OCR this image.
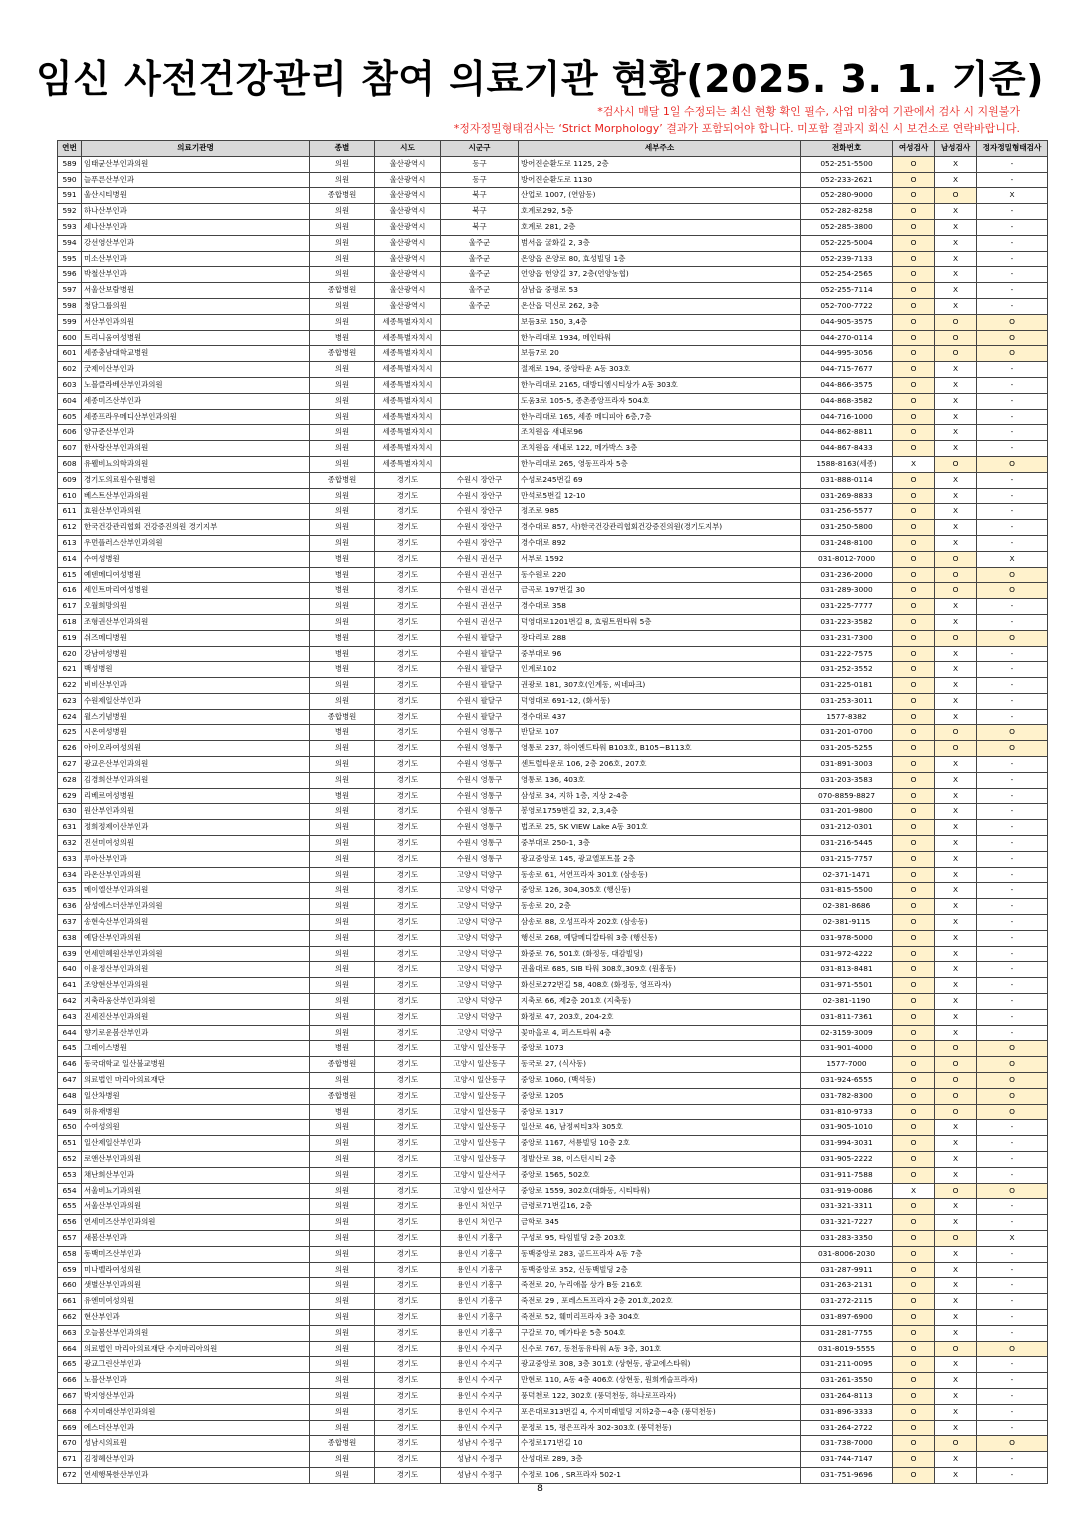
임신 사전건강관리 참여 의료기관 현황(2025. 3. 1. 기준)
*검사시 매달 1일 수정되는 최신 현황 확인 필수, 사업 미참여 기관에서 검사 시 지원불가
*정자정밀형태검사는 ‘Strict Morphology’ 결과가 포함되어야 합니다. 미포함 결과지 회신 시 보건소로 연락바랍니다.
연번	의료기관명	종별	시도	시군구	세부주소	전화번호	여성검사	남성검사	정자정밀형태검사
589	임태균산부인과의원	의원	울산광역시	동구	방어진순환도로 1125, 2층	052-251-5500	O	X	-
590	늘푸른산부인과	의원	울산광역시	동구	방어진순환도로 1130	052-233-2621	O	X	-
591	울산시티병원	종합병원	울산광역시	북구	산업로 1007, (연암동)	052-280-9000	O	O	X
592	하나산부인과	의원	울산광역시	북구	호계로292, 5층	052-282-8258	O	X	-
593	세나산부인과	의원	울산광역시	북구	호계로 281, 2층	052-285-3800	O	X	-
594	강선영산부인과	의원	울산광역시	울주군	범서읍 굴화길 2, 3층	052-225-5004	O	X	-
595	미소산부인과	의원	울산광역시	울주군	온양읍 온양로 80, 효성빌딩 1층	052-239-7133	O	X	-
596	박철산부인과	의원	울산광역시	울주군	언양읍 헌양길 37, 2층(언양농협)	052-254-2565	O	X	-
597	서울산보람병원	종합병원	울산광역시	울주군	삼남읍 중평로 53	052-255-7114	O	X	-
598	청담그룹의원	의원	울산광역시	울주군	온산읍 덕신로 262, 3층	052-700-7722	O	X	-
599	서산부인과의원	의원	세종특별자치시		보듬3로 150, 3,4층	044-905-3575	O	O	O
600	트리니움여성병원	병원	세종특별자치시		한누리대로 1934, 메인타워	044-270-0114	O	O	O
601	세종충남대학교병원	종합병원	세종특별자치시		보듬7로 20	044-995-3056	O	O	O
602	굿제이산부인과	의원	세종특별자치시		절재로 194, 중앙타운 A동 303호	044-715-7677	O	X	-
603	노블클라베산부인과의원	의원	세종특별자치시		한누리대로 2165, 대방디엠시티상가 A동 303호	044-866-3575	O	X	-
604	세종미즈산부인과	의원	세종특별자치시		도움3로 105-5, 종촌종앙프라자 504호	044-868-3582	O	X	-
605	세종프라우메디산부인과의원	의원	세종특별자치시		한누리대로 165, 세종 메디피아 6층,7층	044-716-1000	O	X	-
606	양규준산부인과	의원	세종특별자치시		조치원읍 새내로96	044-862-8811	O	X	-
607	한사랑산부인과의원	의원	세종특별자치시		조치원읍 새내로 122, 메가박스 3층	044-867-8433	O	X	-
608	유웰비뇨의학과의원	의원	세종특별자치시		한누리대로 265, 영동프라자 5층	1588-8163(세종)	X	O	O
609	경기도의료원수원병원	종합병원	경기도	수원시 장안구	수성로245번길 69	031-888-0114	O	X	-
610	베스트산부인과의원	의원	경기도	수원시 장안구	만석로5번길 12-10	031-269-8833	O	X	-
611	효원산부인과의원	의원	경기도	수원시 장안구	정조로 985	031-256-5577	O	X	-
612	한국건강관리협회 건강증진의원 경기지부	의원	경기도	수원시 장안구	경수대로 857, 사)한국건강관리협회건강증진의원(경기도지부)	031-250-5800	O	X	-
613	우먼플러스산부인과의원	의원	경기도	수원시 장안구	경수대로 892	031-248-8100	O	X	-
614	수여성병원	병원	경기도	수원시 권선구	서부로 1592	031-8012-7000	O	O	X
615	예덴메디여성병원	병원	경기도	수원시 권선구	동수원로 220	031-236-2000	O	O	O
616	세인트마리여성병원	병원	경기도	수원시 권선구	금곡로 197번길 30	031-289-3000	O	O	O
617	오월희망의원	의원	경기도	수원시 권선구	경수대로 358	031-225-7777	O	X	-
618	조형권산부인과의원	의원	경기도	수원시 권선구	덕영대로1201번길 8, 효림트윈타워 5층	031-223-3582	O	X	-
619	쉬즈메디병원	병원	경기도	수원시 팔달구	장다리로 288	031-231-7300	O	O	O
620	강남여성병원	병원	경기도	수원시 팔달구	중부대로 96	031-222-7575	O	X	-
621	백성병원	병원	경기도	수원시 팔달구	인계로102	031-252-3552	O	X	-
622	비비산부인과	의원	경기도	수원시 팔달구	권광로 181, 307호(인계동, 씨네파크)	031-225-0181	O	X	-
623	수원제일산부인과	의원	경기도	수원시 팔달구	덕영대로 691-12, (화서동)	031-253-3011	O	X	-
624	윌스기념병원	종합병원	경기도	수원시 팔달구	경수대로 437	1577-8382	O	X	-
625	시온여성병원	병원	경기도	수원시 영통구	반달로 107	031-201-0700	O	O	O
626	아이오라여성의원	의원	경기도	수원시 영통구	영통로 237, 하이엔드타워 B103호, B105~B113호	031-205-5255	O	O	O
627	광교은산부인과의원	의원	경기도	수원시 영통구	센트럴타운로 106, 2층 206호, 207호	031-891-3003	O	X	-
628	김경희산부인과의원	의원	경기도	수원시 영통구	영통로 136, 403호	031-203-3583	O	X	-
629	리베르여성병원	병원	경기도	수원시 영통구	삼성로 34, 지하 1층, 지상 2-4층	070-8859-8827	O	X	-
630	원산부인과의원	의원	경기도	수원시 영통구	봉영로1759번길 32, 2,3,4층	031-201-9800	O	X	-
631	정희정제이산부인과	의원	경기도	수원시 영통구	법조로 25, SK VIEW Lake A동 301호	031-212-0301	O	X	-
632	진선미여성의원	의원	경기도	수원시 영통구	중부대로 250-1, 3층	031-216-5445	O	X	-
633	루아산부인과	의원	경기도	수원시 영통구	광교중앙로 145, 광교엘포트몰 2층	031-215-7757	O	X	-
634	라온산부인과의원	의원	경기도	고양시 덕양구	동송로 61, 서연프라자 301호 (삼송동)	02-371-1471	O	X	-
635	메이엘산부인과의원	의원	경기도	고양시 덕양구	중앙로 126, 304,305호 (행신동)	031-815-5500	O	X	-
636	삼성에스더산부인과의원	의원	경기도	고양시 덕양구	동송로 20, 2층	02-381-8686	O	X	-
637	송현숙산부인과의원	의원	경기도	고양시 덕양구	삼송로 88, 오성프라자 202호 (삼송동)	02-381-9115	O	X	-
638	예담산부인과의원	의원	경기도	고양시 덕양구	행신로 268, 예담메디칼타워 3층 (행신동)	031-978-5000	O	X	-
639	연세민혜원산부인과의원	의원	경기도	고양시 덕양구	화중로 76, 501호 (화정동, 대감빌딩)	031-972-4222	O	X	-
640	이윤정산부인과의원	의원	경기도	고양시 덕양구	권율대로 685, SIB 타워 308호,309호 (원흥동)	031-813-8481	O	X	-
641	조양현산부인과의원	의원	경기도	고양시 덕양구	화신로272번길 58, 408호 (화정동, 영프라자)	031-971-5501	O	X	-
642	지축라움산부인과의원	의원	경기도	고양시 덕양구	지축로 66, 제2층 201호 (지축동)	02-381-1190	O	X	-
643	진세진산부인과의원	의원	경기도	고양시 덕양구	화정로 47, 203호, 204-2호	031-811-7361	O	X	-
644	향기로운봄산부인과	의원	경기도	고양시 덕양구	꽃마을로 4, 퍼스트타워 4층	02-3159-3009	O	X	-
645	그레이스병원	병원	경기도	고양시 일산동구	중앙로 1073	031-901-4000	O	O	O
646	동국대학교 일산불교병원	종합병원	경기도	고양시 일산동구	동국로 27, (식사동)	1577-7000	O	O	O
647	의료법인 마리아의료재단	의원	경기도	고양시 일산동구	중앙로 1060, (백석동)	031-924-6555	O	O	O
648	일산차병원	종합병원	경기도	고양시 일산동구	중앙로 1205	031-782-8300	O	O	O
649	허유재병원	병원	경기도	고양시 일산동구	중앙로 1317	031-810-9733	O	O	O
650	수여성의원	의원	경기도	고양시 일산동구	일산로 46, 남정씨티3차 305호	031-905-1010	O	X	-
651	일산제일산부인과	의원	경기도	고양시 일산동구	중앙로 1167, 서룡빌딩 10층 2호	031-994-3031	O	X	-
652	로앤산부인과의원	의원	경기도	고양시 일산동구	정발산로 38, 이스턴시티 2층	031-905-2222	O	X	-
653	채난희산부인과	의원	경기도	고양시 일산서구	중앙로 1565, 502호	031-911-7588	O	X	-
654	서울비뇨기과의원	의원	경기도	고양시 일산서구	중앙로 1559, 302호(대화동, 시티타워)	031-919-0086	X	O	O
655	서울산부인과의원	의원	경기도	용인시 처인구	금령로71번길16, 2층	031-321-3311	O	X	-
656	연세미즈산부인과의원	의원	경기도	용인시 처인구	금학로 345	031-321-7227	O	X	-
657	새봄산부인과	의원	경기도	용인시 기흥구	구성로 95, 타임빌딩 2층 203호	031-283-3350	O	O	X
658	동백미즈산부인과	의원	경기도	용인시 기흥구	동백중앙로 283, 골드프라자 A동 7층	031-8006-2030	O	X	-
659	미나벨라여성의원	의원	경기도	용인시 기흥구	동백중앙로 352, 신동백빌딩 2층	031-287-9911	O	X	-
660	샛별산부인과의원	의원	경기도	용인시 기흥구	죽전로 20, 누리애몰 상가 B동 216호	031-263-2131	O	X	-
661	유엔미여성의원	의원	경기도	용인시 기흥구	죽전로 29 , 포레스트프라자 2층 201호,202호	031-272-2115	O	X	-
662	현산부인과	의원	경기도	용인시 기흥구	죽전로 52, 훼미리프라자 3층 304호	031-897-6900	O	X	-
663	오늘봄산부인과의원	의원	경기도	용인시 기흥구	구갈로 70, 메가타운 5층 504호	031-281-7755	O	X	-
664	의료법인 마리아의료재단 수지마리아의원	의원	경기도	용인시 수지구	신수로 767, 동천동유타워 A동 3층, 301호	031-8019-5555	O	O	O
665	광교그린산부인과	의원	경기도	용인시 수지구	광교중앙로 308, 3층 301호 (상현동, 광교에스타워)	031-211-0095	O	X	-
666	노블산부인과	의원	경기도	용인시 수지구	만현로 110, A동 4층 406호 (상현동, 원희캐슬프라자)	031-261-3550	O	X	-
667	박지영산부인과	의원	경기도	용인시 수지구	풍덕천로 122, 302호 (풍덕천동, 하나로프라자)	031-264-8113	O	X	-
668	수지미래산부인과의원	의원	경기도	용인시 수지구	포은대로313번길 4, 수지미래빌딩 지하2층~4층 (풍덕천동)	031-896-3333	O	X	-
669	에스더산부인과	의원	경기도	용인시 수지구	문정로 15, 평은프라자 302-303호 (풍덕천동)	031-264-2722	O	X	-
670	성남시의료원	종합병원	경기도	성남시 수정구	수정로171번길 10	031-738-7000	O	O	O
671	김정혜산부인과	의원	경기도	성남시 수정구	산성대로 289, 3층	031-744-7147	O	X	-
672	연세행복한산부인과	의원	경기도	성남시 수정구	수정로 106 , SR프라자 502-1	031-751-9696	O	X	-
8
